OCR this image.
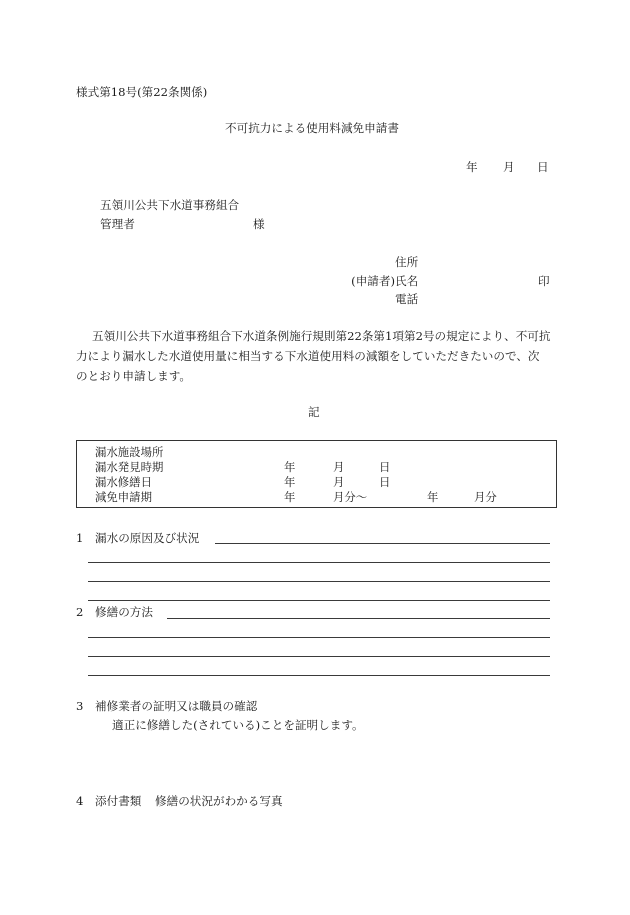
様式第18号(第22条関係)
不可抗力による使用料減免申請書
年 月 日
五領川公共下水道事務組合
管理者	様
住所
(申請者) 氏名	印
電話
五領川公共下水道事務組合下水道条例施行規則第22条第1項第2号の規定により、不可抗
力により漏水した水道使用量に相当する下水道使用料の減額をしていただきたいので、次
のとおり申請します。
記
漏水施設場所
漏水発見時期	年	月	日
漏水修繕日	年	月	日
減免申請期	年	月分～	年	月分
1 漏水の原因及び状況
2 修繕の方法
3 補修業者の証明又は職員の確認
適正に修繕した(されている)ことを証明します。
4 添付書類 修繕の状況がわかる写真
